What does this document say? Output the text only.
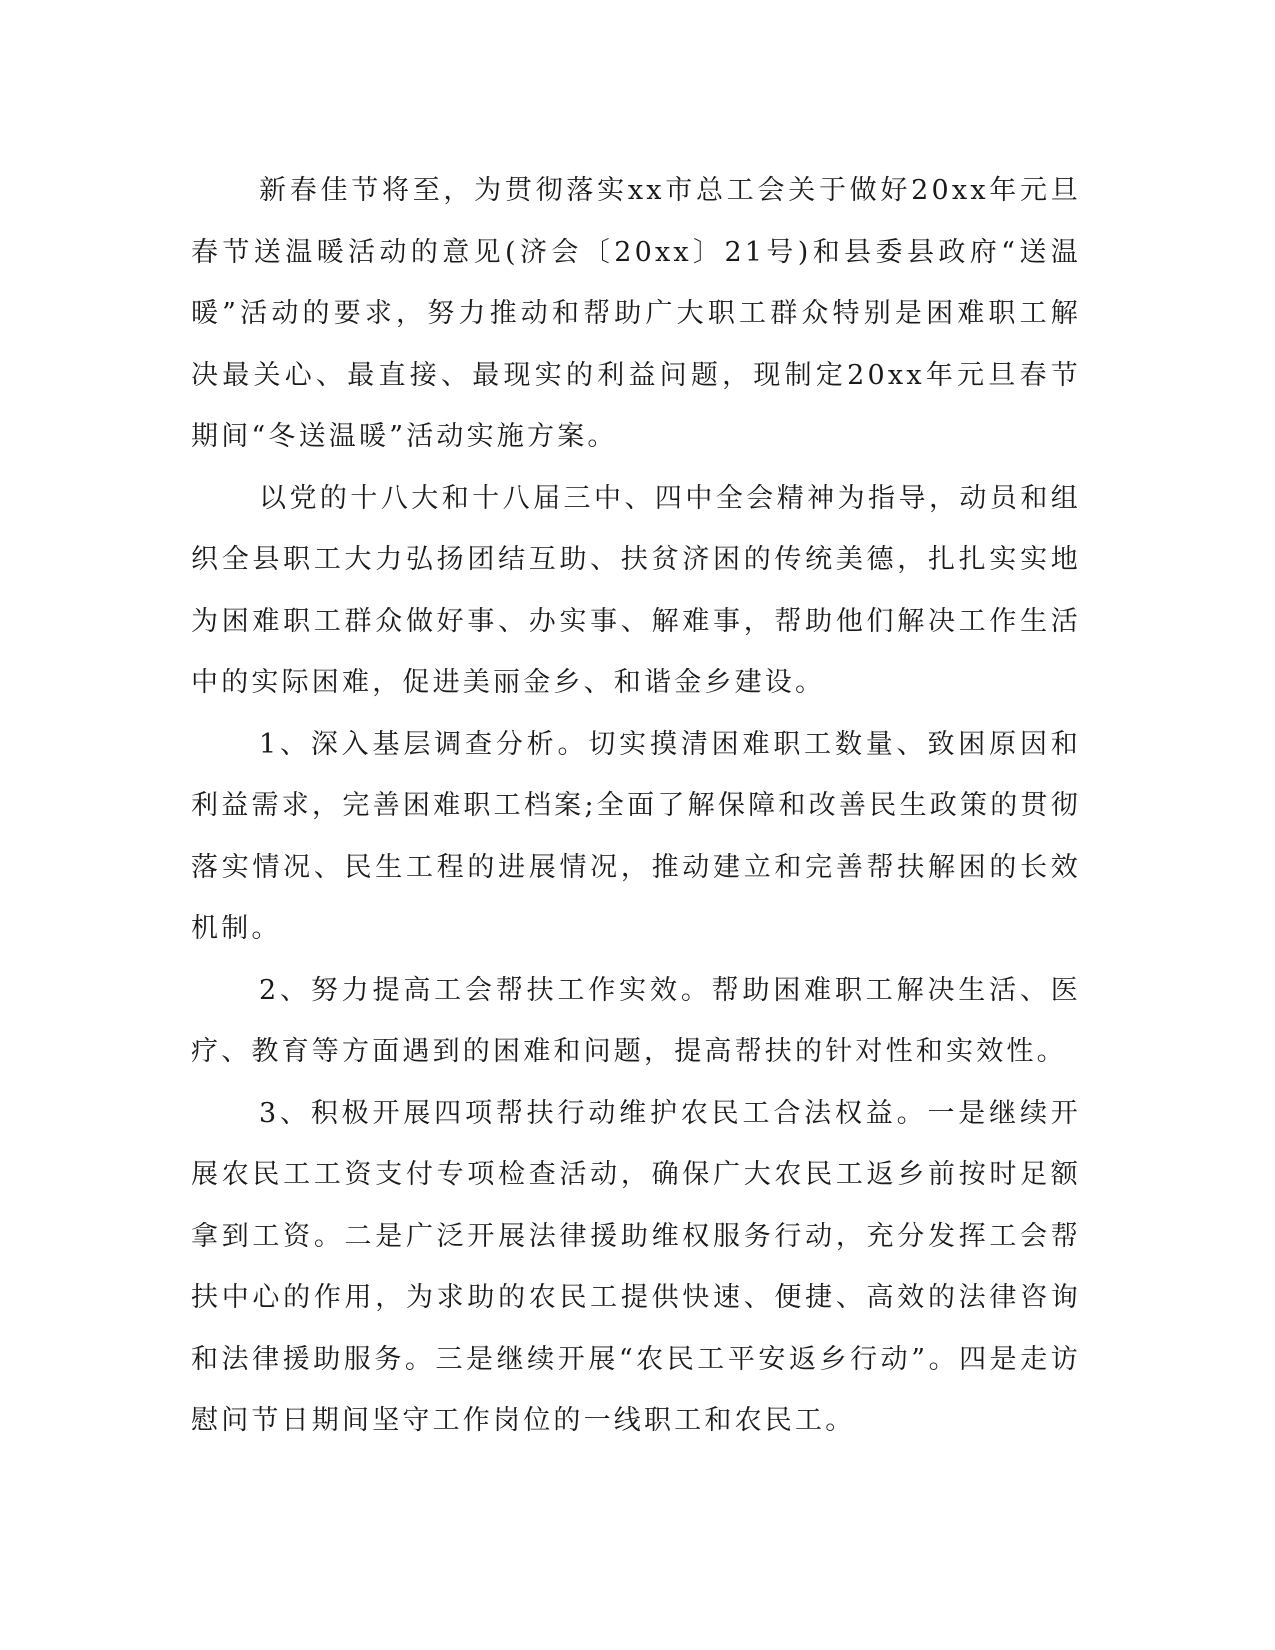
新春佳节将至，为贯彻落实xx市总工会关于做好20xx年元旦春节送温暖活动的意见(济会〔20xx〕21号)和县委县政府“送温暖”活动的要求，努力推动和帮助广大职工群众特别是困难职工解决最关心、最直接、最现实的利益问题，现制定20xx年元旦春节期间“冬送温暖”活动实施方案。

以党的十八大和十八届三中、四中全会精神为指导，动员和组织全县职工大力弘扬团结互助、扶贫济困的传统美德，扎扎实实地为困难职工群众做好事、办实事、解难事，帮助他们解决工作生活中的实际困难，促进美丽金乡、和谐金乡建设。

1、深入基层调查分析。切实摸清困难职工数量、致困原因和利益需求，完善困难职工档案;全面了解保障和改善民生政策的贯彻落实情况、民生工程的进展情况，推动建立和完善帮扶解困的长效机制。

2、努力提高工会帮扶工作实效。帮助困难职工解决生活、医疗、教育等方面遇到的困难和问题，提高帮扶的针对性和实效性。

3、积极开展四项帮扶行动维护农民工合法权益。一是继续开展农民工工资支付专项检查活动，确保广大农民工返乡前按时足额拿到工资。二是广泛开展法律援助维权服务行动，充分发挥工会帮扶中心的作用，为求助的农民工提供快速、便捷、高效的法律咨询和法律援助服务。三是继续开展“农民工平安返乡行动”。四是走访慰问节日期间坚守工作岗位的一线职工和农民工。
